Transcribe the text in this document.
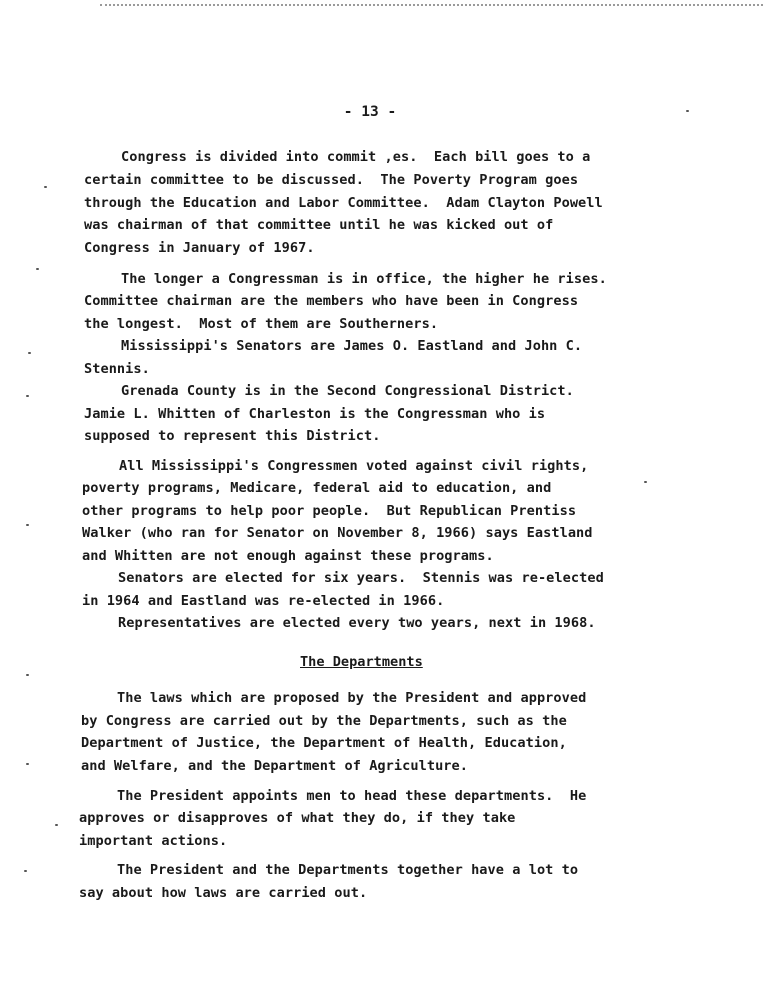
- 13 -
Congress is divided into commit ,es.  Each bill goes to a
certain committee to be discussed.  The Poverty Program goes
through the Education and Labor Committee.  Adam Clayton Powell
was chairman of that committee until he was kicked out of
Congress in January of 1967.
The longer a Congressman is in office, the higher he rises.
Committee chairman are the members who have been in Congress
the longest.  Most of them are Southerners.
Mississippi's Senators are James O. Eastland and John C.
Stennis.
Grenada County is in the Second Congressional District.
Jamie L. Whitten of Charleston is the Congressman who is
supposed to represent this District.
All Mississippi's Congressmen voted against civil rights,
poverty programs, Medicare, federal aid to education, and
other programs to help poor people.  But Republican Prentiss
Walker (who ran for Senator on November 8, 1966) says Eastland
and Whitten are not enough against these programs.
Senators are elected for six years.  Stennis was re-elected
in 1964 and Eastland was re-elected in 1966.
Representatives are elected every two years, next in 1968.
The Departments
The laws which are proposed by the President and approved
by Congress are carried out by the Departments, such as the
Department of Justice, the Department of Health, Education,
and Welfare, and the Department of Agriculture.
The President appoints men to head these departments.  He
approves or disapproves of what they do, if they take
important actions.
The President and the Departments together have a lot to
say about how laws are carried out.
